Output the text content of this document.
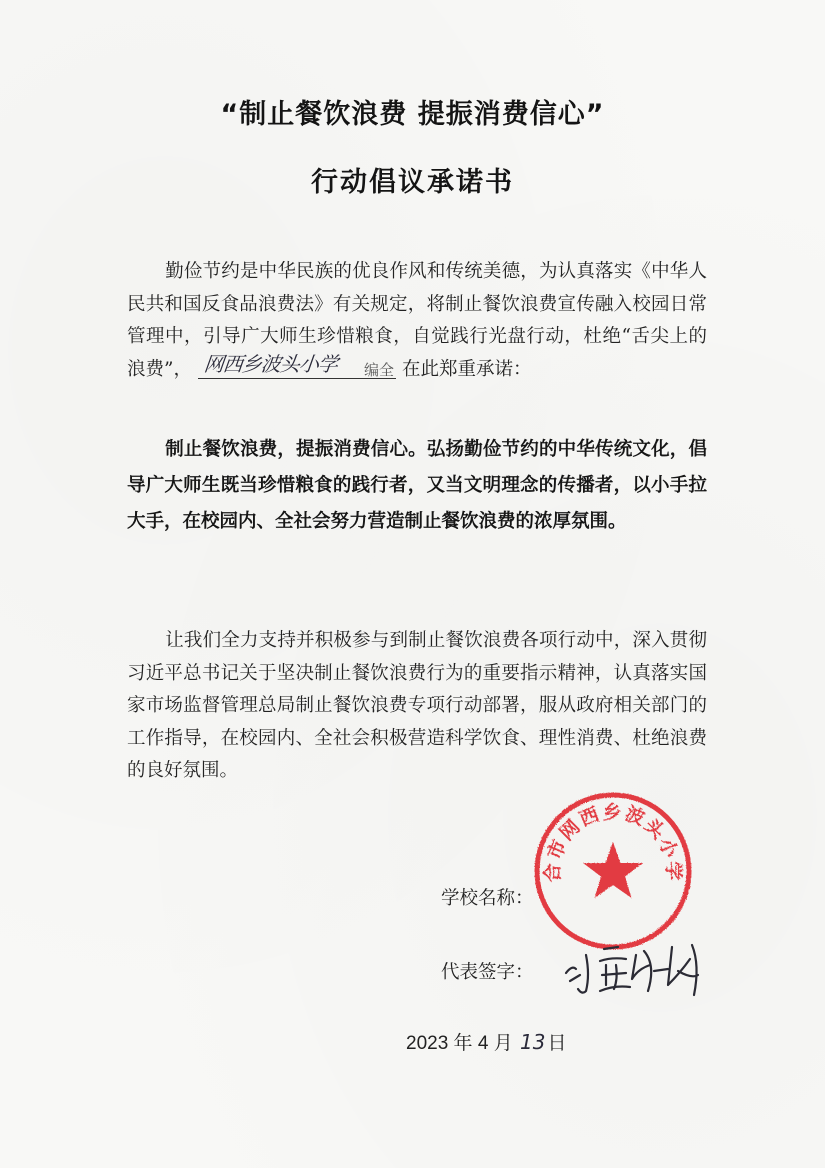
“制止餐饮浪费 提振消费信心”
行动倡议承诺书
勤俭节约是中华民族的优良作风和传统美德，为认真落实《中华人民共和国反食品浪费法》有关规定，将制止餐饮浪费宣传融入校园日常管理中，引导广大师生珍惜粮食，自觉践行光盘行动，杜绝“舌尖上的浪费”， 网西乡波头小学 编全 在此郑重承诺：
制止餐饮浪费，提振消费信心。弘扬勤俭节约的中华传统文化，倡导广大师生既当珍惜粮食的践行者，又当文明理念的传播者，以小手拉大手，在校园内、全社会努力营造制止餐饮浪费的浓厚氛围。
让我们全力支持并积极参与到制止餐饮浪费各项行动中，深入贯彻习近平总书记关于坚决制止餐饮浪费行为的重要指示精神，认真落实国家市场监督管理总局制止餐饮浪费专项行动部署，服从政府相关部门的工作指导，在校园内、全社会积极营造科学饮食、理性消费、杜绝浪费的良好氛围。
学校名称：
代表签字：
合市网西乡波头小学
2023 年 4 月 13 日
